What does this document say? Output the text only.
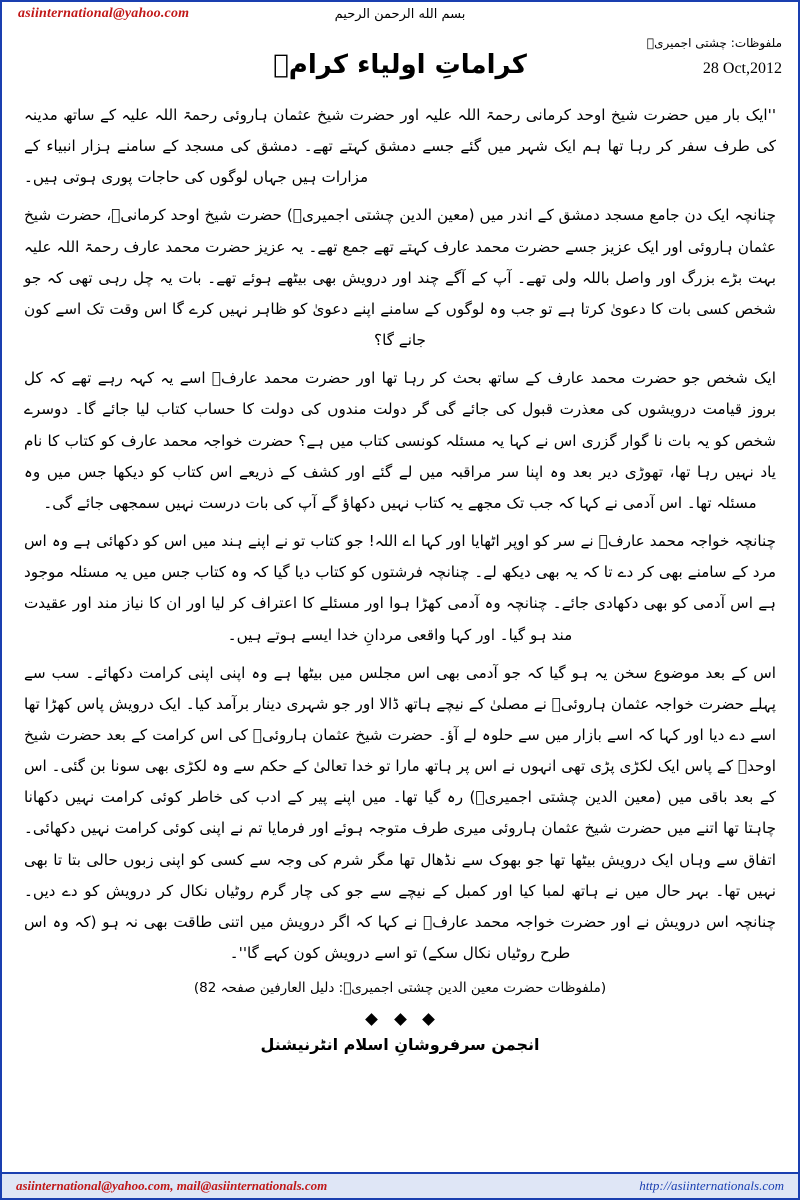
asiinternational@yahoo.com	بسم الله الرحمن الرحيم
ملفوظات: چشتی اجمیریؒ
28 Oct,2012
کراماتِ اولیاء کرامؒ

''ایک بار میں حضرت شیخ اوحد کرمانی رحمۃ اللہ علیہ اور حضرت شیخ عثمان ہاروئی رحمۃ اللہ علیہ کے ساتھ مدینہ کی طرف سفر کر رہا تھا ہم ایک شہر میں گئے جسے دمشق کہتے تھے۔ دمشق کی مسجد کے سامنے ہزار انبیاء کے مزارات ہیں جہاں لوگوں کی حاجات پوری ہوتی ہیں۔

چنانچہ ایک دن جامع مسجد دمشق کے اندر میں (معین الدین چشتی اجمیریؒ) حضرت شیخ اوحد کرمانیؒ، حضرت شیخ عثمان ہاروئی اور ایک عزیز جسے حضرت محمد عارف کہتے تھے جمع تھے۔ یہ عزیز حضرت محمد عارف رحمۃ اللہ علیہ بہت بڑے بزرگ اور واصل باللہ ولی تھے۔ آپ کے آگے چند اور درویش بھی بیٹھے ہوئے تھے۔ بات یہ چل رہی تھی کہ جو شخص کسی بات کا دعویٰ کرتا ہے تو جب وہ لوگوں کے سامنے اپنے دعویٰ کو ظاہر نہیں کرے گا اس وقت تک اسے کون جانے گا؟

ایک شخص جو حضرت محمد عارف کے ساتھ بحث کر رہا تھا اور حضرت محمد عارفؒ اسے یہ کہہ رہے تھے کہ کل بروز قیامت درویشوں کی معذرت قبول کی جائے گی گر دولت مندوں کی دولت کا حساب کتاب لیا جائے گا۔ دوسرے شخص کو یہ بات نا گوار گزری اس نے کہا یہ مسئلہ کونسی کتاب میں ہے؟ حضرت خواجہ محمد عارف کو کتاب کا نام یاد نہیں رہا تھا، تھوڑی دیر بعد وہ اپنا سر مراقبہ میں لے گئے اور کشف کے ذریعے اس کتاب کو دیکھا جس میں وہ مسئلہ تھا۔ اس آدمی نے کہا کہ جب تک مجھے یہ کتاب نہیں دکھاؤ گے آپ کی بات درست نہیں سمجھی جائے گی۔

چنانچہ خواجہ محمد عارفؒ نے سر کو اوپر اٹھایا اور کہا اے اللہ! جو کتاب تو نے اپنے ہند میں اس کو دکھائی ہے وہ اس مرد کے سامنے بھی کر دے تا کہ یہ بھی دیکھ لے۔ چنانچہ فرشتوں کو کتاب دیا گیا کہ وہ کتاب جس میں یہ مسئلہ موجود ہے اس آدمی کو بھی دکھادی جائے۔ چنانچہ وہ آدمی کھڑا ہوا اور مسئلے کا اعتراف کر لیا اور ان کا نیاز مند اور عقیدت مند ہو گیا۔ اور کہا واقعی مردانِ خدا ایسے ہوتے ہیں۔

اس کے بعد موضوع سخن یہ ہو گیا کہ جو آدمی بھی اس مجلس میں بیٹھا ہے وہ اپنی اپنی کرامت دکھائے۔ سب سے پہلے حضرت خواجہ عثمان ہاروئیؒ نے مصلیٰ کے نیچے ہاتھ ڈالا اور جو شہری دینار برآمد کیا۔ ایک درویش پاس کھڑا تھا اسے دے دیا اور کہا کہ اسے بازار میں سے حلوہ لے آؤ۔ حضرت شیخ عثمان ہاروئیؒ کی اس کرامت کے بعد حضرت شیخ اوحدؒ کے پاس ایک لکڑی پڑی تھی انہوں نے اس پر ہاتھ مارا تو خدا تعالیٰ کے حکم سے وہ لکڑی بھی سونا بن گئی۔ اس کے بعد باقی میں (معین الدین چشتی اجمیریؒ) رہ گیا تھا۔ میں اپنے پیر کے ادب کی خاطر کوئی کرامت نہیں دکھانا چاہتا تھا اتنے میں حضرت شیخ عثمان ہاروئی میری طرف متوجہ ہوئے اور فرمایا تم نے اپنی کوئی کرامت نہیں دکھائی۔ اتفاق سے وہاں ایک درویش بیٹھا تھا جو بھوک سے نڈھال تھا مگر شرم کی وجہ سے کسی کو اپنی زبوں حالی بتا تا بھی نہیں تھا۔ بہر حال میں نے ہاتھ لمبا کیا اور کمبل کے نیچے سے جو کی چار گرم روٹیاں نکال کر درویش کو دے دیں۔ چنانچہ اس درویش نے اور حضرت خواجہ محمد عارفؒ نے کہا کہ اگر درویش میں اتنی طاقت بھی نہ ہو (کہ وہ اس طرح روٹیاں نکال سکے) تو اسے درویش کون کہے گا''۔

(ملفوظات حضرت معین الدین چشتی اجمیریؒ: دلیل العارفین صفحہ 82)

انجمن سرفروشانِ اسلام انٹرنیشنل
asiinternational@yahoo.com, mail@asiinternationals.com	http://asiinternationals.com
